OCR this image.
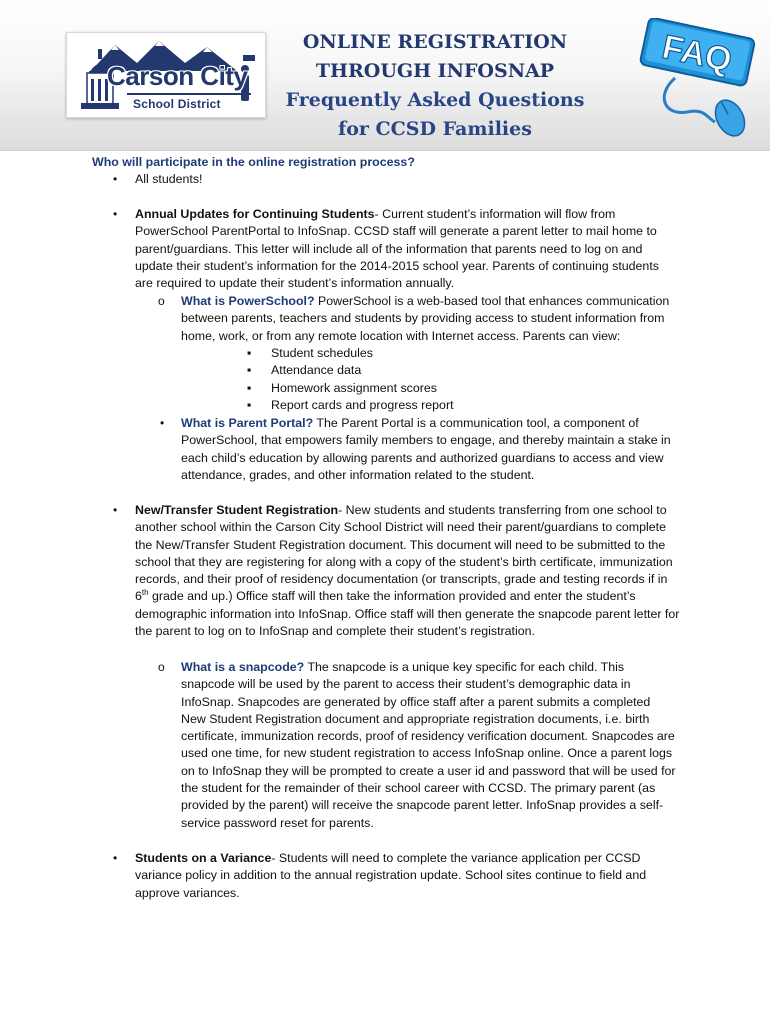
Carson City
School District
ONLINE REGISTRATION
THROUGH INFOSNAP
Frequently Asked Questions
for CCSD Families
FAQ
Who will participate in the online registration process?
• All students!
• Annual Updates for Continuing Students- Current student’s information will flow from PowerSchool ParentPortal to InfoSnap. CCSD staff will generate a parent letter to mail home to parent/guardians. This letter will include all of the information that parents need to log on and update their student’s information for the 2014-2015 school year. Parents of continuing students are required to update their student’s information annually.
o What is PowerSchool? PowerSchool is a web-based tool that enhances communication between parents, teachers and students by providing access to student information from home, work, or from any remote location with Internet access. Parents can view:
▪ Student schedules
▪ Attendance data
▪ Homework assignment scores
▪ Report cards and progress report
• What is Parent Portal? The Parent Portal is a communication tool, a component of PowerSchool, that empowers family members to engage, and thereby maintain a stake in each child’s education by allowing parents and authorized guardians to access and view attendance, grades, and other information related to the student.
• New/Transfer Student Registration- New students and students transferring from one school to another school within the Carson City School District will need their parent/guardians to complete the New/Transfer Student Registration document. This document will need to be submitted to the school that they are registering for along with a copy of the student’s birth certificate, immunization records, and their proof of residency documentation (or transcripts, grade and testing records if in 6th grade and up.) Office staff will then take the information provided and enter the student’s demographic information into InfoSnap. Office staff will then generate the snapcode parent letter for the parent to log on to InfoSnap and complete their student’s registration.
o What is a snapcode? The snapcode is a unique key specific for each child. This snapcode will be used by the parent to access their student’s demographic data in InfoSnap. Snapcodes are generated by office staff after a parent submits a completed New Student Registration document and appropriate registration documents, i.e. birth certificate, immunization records, proof of residency verification document. Snapcodes are used one time, for new student registration to access InfoSnap online. Once a parent logs on to InfoSnap they will be prompted to create a user id and password that will be used for the student for the remainder of their school career with CCSD. The primary parent (as provided by the parent) will receive the snapcode parent letter. InfoSnap provides a self-service password reset for parents.
• Students on a Variance- Students will need to complete the variance application per CCSD variance policy in addition to the annual registration update. School sites continue to field and approve variances.
